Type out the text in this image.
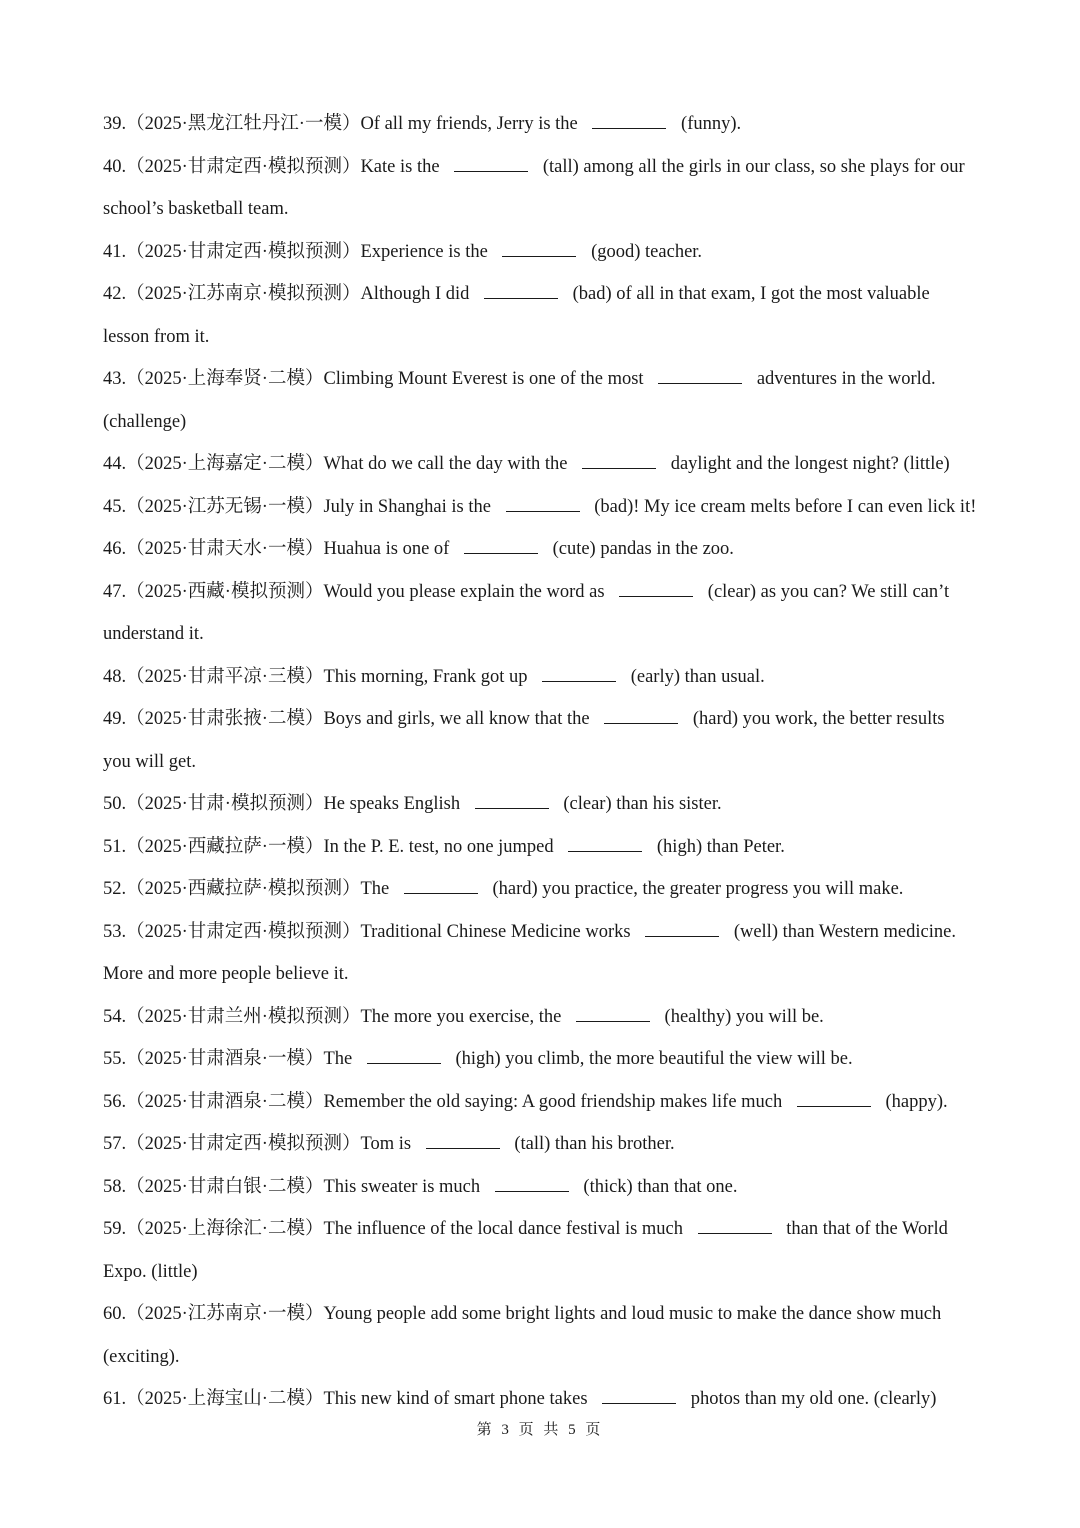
39.（2025·黑龙江牡丹江·一模）Of all my friends, Jerry is the	(funny).
40.（2025·甘肃定西·模拟预测）Kate is the	(tall) among all the girls in our class, so she plays for our
school’s basketball team.
41.（2025·甘肃定西·模拟预测）Experience is the	(good) teacher.
42.（2025·江苏南京·模拟预测）Although I did	(bad) of all in that exam, I got the most valuable
lesson from it.
43.（2025·上海奉贤·二模）Climbing Mount Everest is one of the most	adventures in the world.
(challenge)
44.（2025·上海嘉定·二模）What do we call the day with the	daylight and the longest night? (little)
45.（2025·江苏无锡·一模）July in Shanghai is the	(bad)! My ice cream melts before I can even lick it!
46.（2025·甘肃天水·一模）Huahua is one of	(cute) pandas in the zoo.
47.（2025·西藏·模拟预测）Would you please explain the word as	(clear) as you can? We still can’t
understand it.
48.（2025·甘肃平凉·三模）This morning, Frank got up	(early) than usual.
49.（2025·甘肃张掖·二模）Boys and girls, we all know that the	(hard) you work, the better results
you will get.
50.（2025·甘肃·模拟预测）He speaks English	(clear) than his sister.
51.（2025·西藏拉萨·一模）In the P. E. test, no one jumped	(high) than Peter.
52.（2025·西藏拉萨·模拟预测）The	(hard) you practice, the greater progress you will make.
53.（2025·甘肃定西·模拟预测）Traditional Chinese Medicine works	(well) than Western medicine.
More and more people believe it.
54.（2025·甘肃兰州·模拟预测）The more you exercise, the	(healthy) you will be.
55.（2025·甘肃酒泉·一模）The	(high) you climb, the more beautiful the view will be.
56.（2025·甘肃酒泉·二模）Remember the old saying: A good friendship makes life much	(happy).
57.（2025·甘肃定西·模拟预测）Tom is	(tall) than his brother.
58.（2025·甘肃白银·二模）This sweater is much	(thick) than that one.
59.（2025·上海徐汇·二模）The influence of the local dance festival is much	than that of the World
Expo. (little)
60.（2025·江苏南京·一模）Young people add some bright lights and loud music to make the dance show much
(exciting).
61.（2025·上海宝山·二模）This new kind of smart phone takes	photos than my old one. (clearly)
第 3 页 共 5 页
